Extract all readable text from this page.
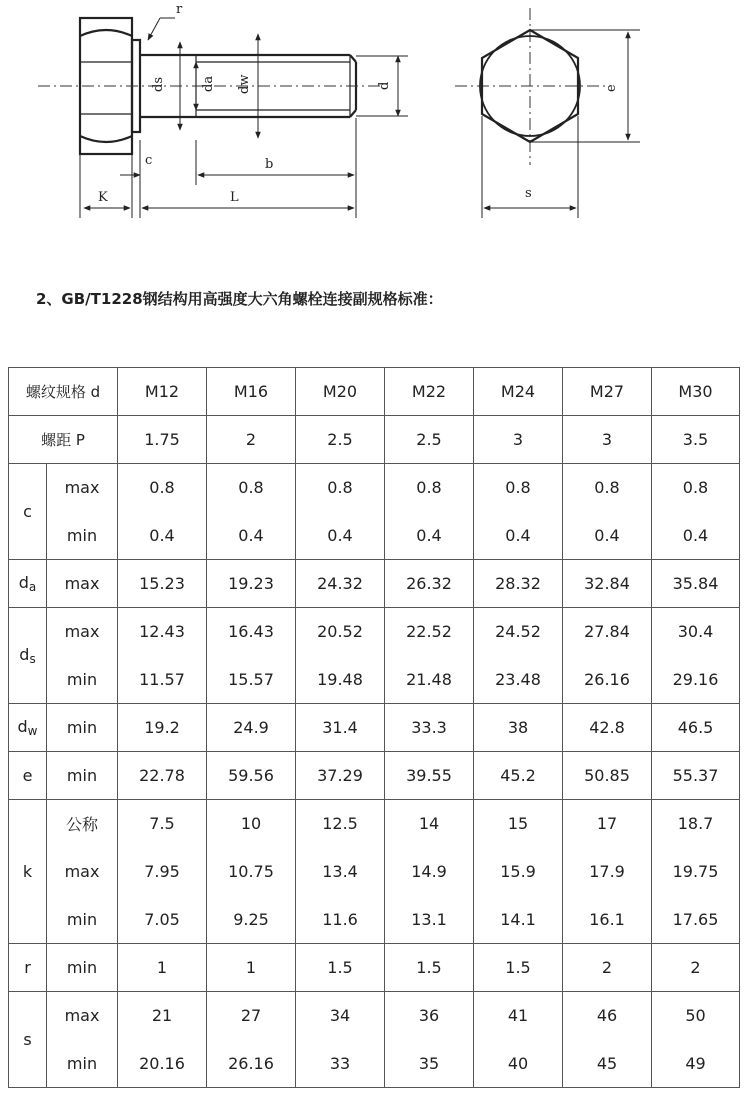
r
ds	da dw	d
c	b
K	L
e
s
2、GB/T1228钢结构用高强度大六角螺栓连接副规格标准：
螺纹规格 d		M12	M16	M20	M22	M24	M27	M30
螺距 P		1.75	2	2.5	2.5	3	3	3.5
c	max	0.8	0.8	0.8	0.8	0.8	0.8	0.8
	min	0.4	0.4	0.4	0.4	0.4	0.4	0.4
$d_a$	max	15.23	19.23	24.32	26.32	28.32	32.84	35.84
$d_s$	max	12.43	16.43	20.52	22.52	24.52	27.84	30.4
	min	11.57	15.57	19.48	21.48	23.48	26.16	29.16
$d_w$	min	19.2	24.9	31.4	33.3	38	42.8	46.5
e	min	22.78	59.56	37.29	39.55	45.2	50.85	55.37
k	公称	7.5	10	12.5	14	15	17	18.7
	max	7.95	10.75	13.4	14.9	15.9	17.9	19.75
	min	7.05	9.25	11.6	13.1	14.1	16.1	17.65
r	min	1	1	1.5	1.5	1.5	2	2
s	max	21	27	34	36	41	46	50
	min	20.16	26.16	33	35	40	45	49
